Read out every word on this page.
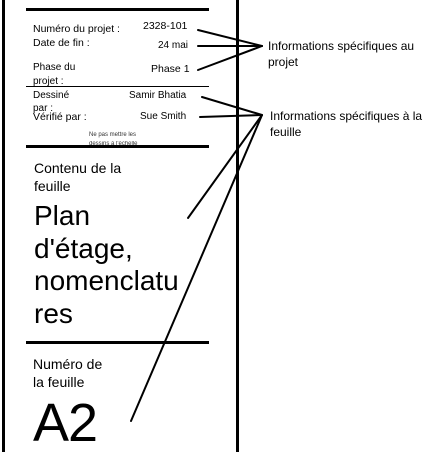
Numéro du projet : 2328-101
Date de fin :	24 mai
Phase du
projet :
Phase 1
Dessiné
par :
Samir Bhatia
Vérifié par :	Sue Smith
Ne pas mettre les
dessins à l'échelle
Contenu de la
feuille
Plan
d'étage,
nomenclatu
res
Numéro de
la feuille
A2
Informations spécifiques au
projet
Informations spécifiques à la
feuille
